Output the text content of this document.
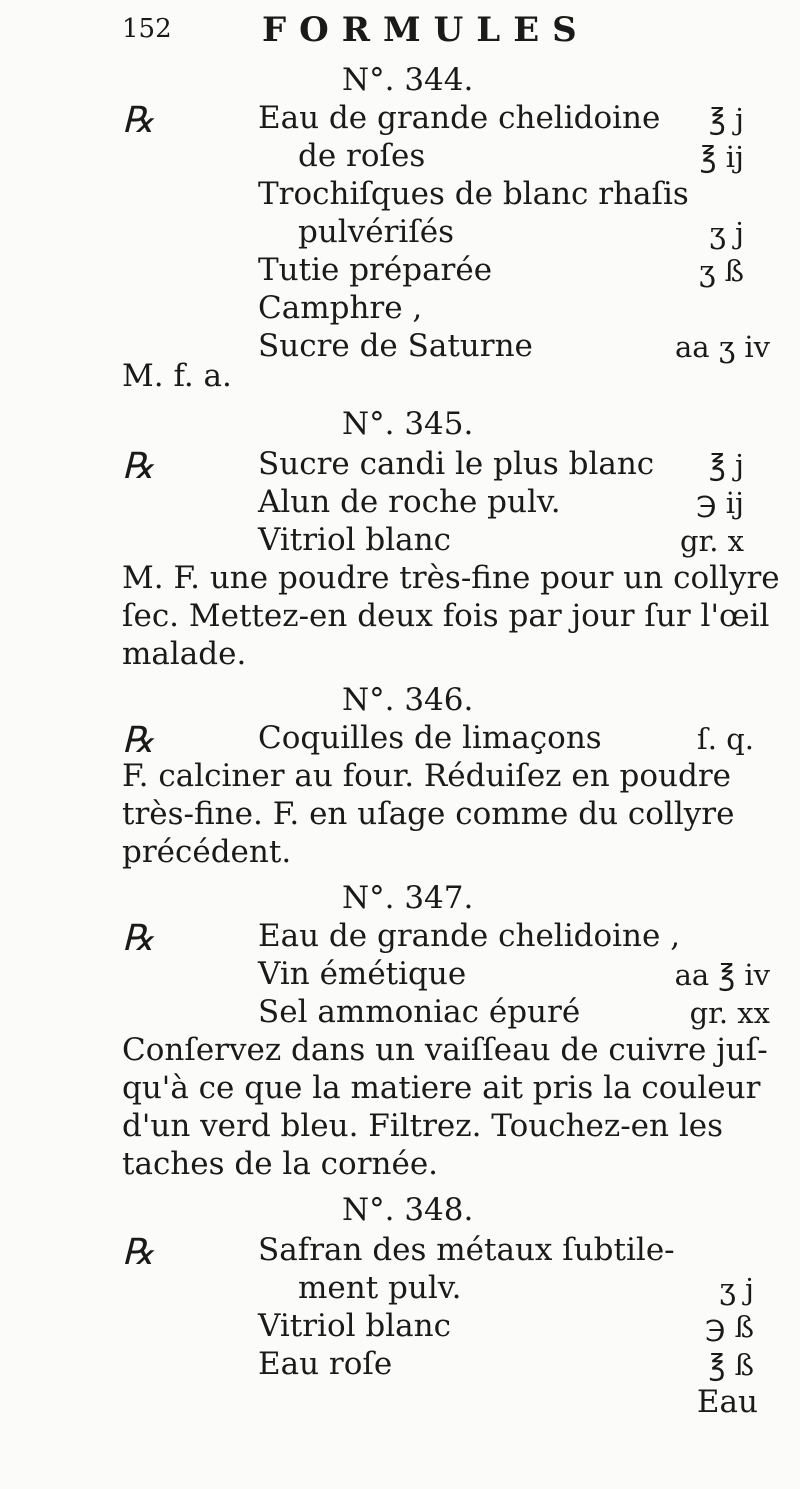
152	FORMULES
N°. 344.
℞	Eau de grande chelidoine ℥ j
de roſes	℥ ij
Trochiſques de blanc rhaſis
pulvériſés	ʒ j
Tutie préparée	ʒ ß
Camphre ,
Sucre de Saturne	aa ʒ iv
M. f. a.
N°. 345.
℞	Sucre candi le plus blanc ℥ j
Alun de roche pulv.	℈ ij
Vitriol blanc	gr. x
M. F. une poudre très-fine pour un collyre
ſec. Mettez-en deux fois par jour ſur l'œil
malade.
N°. 346.
℞	Coquilles de limaçons	ſ. q.
F. calciner au four. Réduiſez en poudre
très-fine. F. en uſage comme du collyre
précédent.
N°. 347.
℞	Eau de grande chelidoine ,
Vin émétique	aa ℥ iv
Sel ammoniac épuré	gr. xx
Conſervez dans un vaiſſeau de cuivre juſ-
qu'à ce que la matiere ait pris la couleur
d'un verd bleu. Filtrez. Touchez-en les
taches de la cornée.
N°. 348.
℞	Safran des métaux ſubtile-
ment pulv.	ʒ j
Vitriol blanc	℈ ß
Eau roſe	℥ ß
Eau
